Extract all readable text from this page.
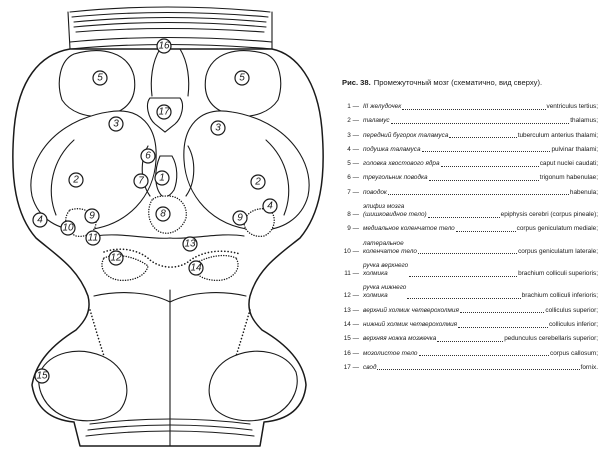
16
5	5
17
3	3
6
1
7
2	2
8
4
4
9	9
10
11
13
12
14
15
Рис. 38. Промежуточный мозг (схематично, вид сверху).
1 — III желудочек	ventriculus tertius;
2 — таламус	thalamus;
3 — передний бугорок таламуса	tuberculum anterius thalami;
4 — подушка таламуса	pulvinar thalami;
5 — головка хвостового ядра	caput nuclei caudati;
6 — треугольник поводка	trigonum habenulae;
7 — поводок	habenula;
8 —
эпифиз мозга
(шишковидное тело)	epiphysis cerebri (corpus pineale);
9 — медиальное коленчатое тело	corpus geniculatum mediale;
10 —
латеральное
коленчатое тело	corpus geniculatum laterale;
11 —
ручка верхнего
холмика	brachium colliculi superioris;
12 —
ручка нижнего
холмика	brachium colliculi inferioris;
13 — верхний холмик четверохолмия	colliculus superior;
14 — нижний холмик четверохолмия	colliculus inferior;
15 — верхняя ножка мозжечка	pedunculus cerebellaris superior;
16 — мозолистое тело	corpus callosum;
17 — свод	fornix.
